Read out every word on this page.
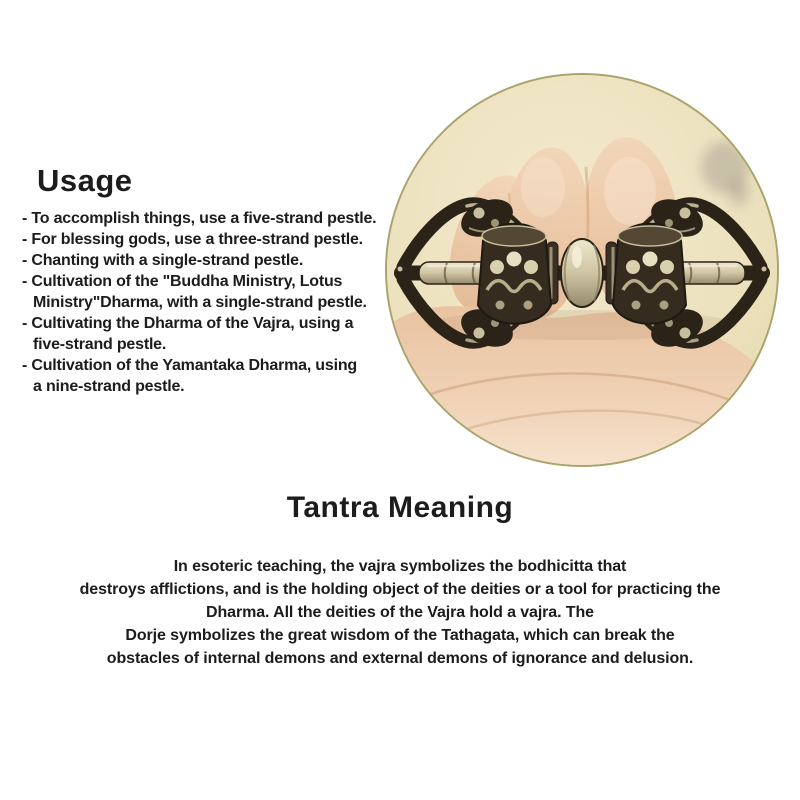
Usage
- To accomplish things, use a five-strand pestle.
- For blessing gods, use a three-strand pestle.
- Chanting with a single-strand pestle.
- Cultivation of the "Buddha Ministry, Lotus
Ministry"Dharma, with a single-strand pestle.
- Cultivating the Dharma of the Vajra, using a
five-strand pestle.
- Cultivation of the Yamantaka Dharma, using
a nine-strand pestle.
Tantra Meaning
In esoteric teaching, the vajra symbolizes the bodhicitta that
destroys afflictions, and is the holding object of the deities or a tool for practicing the
Dharma. All the deities of the Vajra hold a vajra. The
Dorje symbolizes the great wisdom of the Tathagata, which can break the
obstacles of internal demons and external demons of ignorance and delusion.
